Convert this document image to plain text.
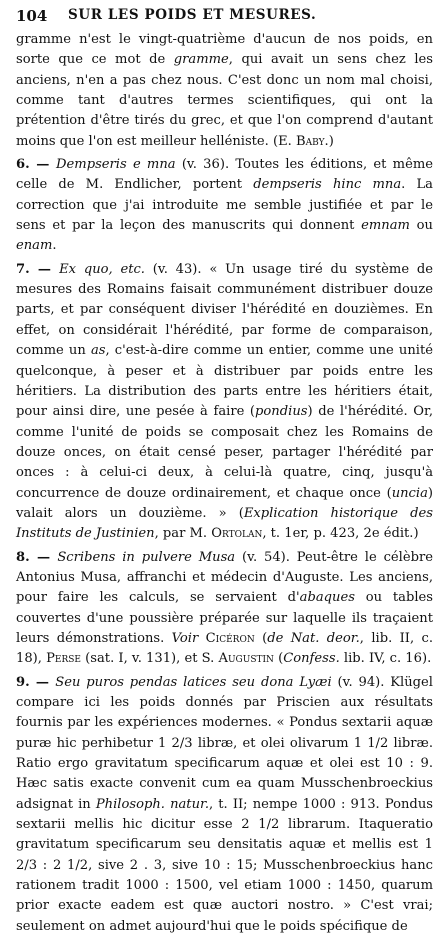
104 SUR LES POIDS ET MESURES.

gramme n'est le vingt-quatrième d'aucun de nos poids, en sorte que ce mot de gramme, qui avait un sens chez les anciens, n'en a pas chez nous. C'est donc un nom mal choisi, comme tant d'autres termes scientifiques, qui ont la prétention d'être tirés du grec, et que l'on comprend d'autant moins que l'on est meilleur helléniste. (E. Baby.)

6. — Dempseris e mna (v. 36). Toutes les éditions, et même celle de M. Endlicher, portent dempseris hinc mna. La correction que j'ai introduite me semble justifiée et par le sens et par la leçon des manuscrits qui donnent emnam ou enam.

7. — Ex quo, etc. (v. 43). « Un usage tiré du système de mesures des Romains faisait communément distribuer douze parts, et par conséquent diviser l'hérédité en douzièmes. En effet, on considérait l'hérédité, par forme de comparaison, comme un as, c'est-à-dire comme un entier, comme une unité quelconque, à peser et à distribuer par poids entre les héritiers. La distribution des parts entre les héritiers était, pour ainsi dire, une pesée à faire (pondius) de l'hérédité. Or, comme l'unité de poids se composait chez les Romains de douze onces, on était censé peser, partager l'hérédité par onces : à celui-ci deux, à celui-là quatre, cinq, jusqu'à concurrence de douze ordinairement, et chaque once (uncia) valait alors un douzième. » (Explication historique des Instituts de Justinien, par M. Ortolan, t. 1er, p. 423, 2e édit.)

8. — Scribens in pulvere Musa (v. 54). Peut-être le célèbre Antonius Musa, affranchi et médecin d'Auguste. Les anciens, pour faire les calculs, se servaient d'abaques ou tables couvertes d'une poussière préparée sur laquelle ils traçaient leurs démonstrations. Voir Cicéron (de Nat. deor., lib. II, c. 18), Perse (sat. I, v. 131), et S. Augustin (Confess. lib. IV, c. 16).

9. — Seu puros pendas latices seu dona Lyæi (v. 94). Klügel compare ici les poids donnés par Priscien aux résultats fournis par les expériences modernes. « Pondus sextarii aquæ puræ hic perhibetur 1 2/3 libræ, et olei olivarum 1 1/2 libræ. Ratio ergo gravitatum specificarum aquæ et olei est 10 : 9. Hæc satis exacte convenit cum ea quam Musschenbroeckius adsignat in Philosoph. natur., t. II; nempe 1000 : 913. Pondus sextarii mellis hic dicitur esse 2 1/2 librarum. Itaqueratio gravitatum specificarum seu densitatis aquæ et mellis est 1 2/3 : 2 1/2, sive 2 . 3, sive 10 : 15; Musschenbroeckius hanc rationem tradit 1000 : 1500, vel etiam 1000 : 1450, quarum prior exacte eadem est quæ auctori nostro. » C'est vrai; seulement on admet aujourd'hui que le poids spécifique de
